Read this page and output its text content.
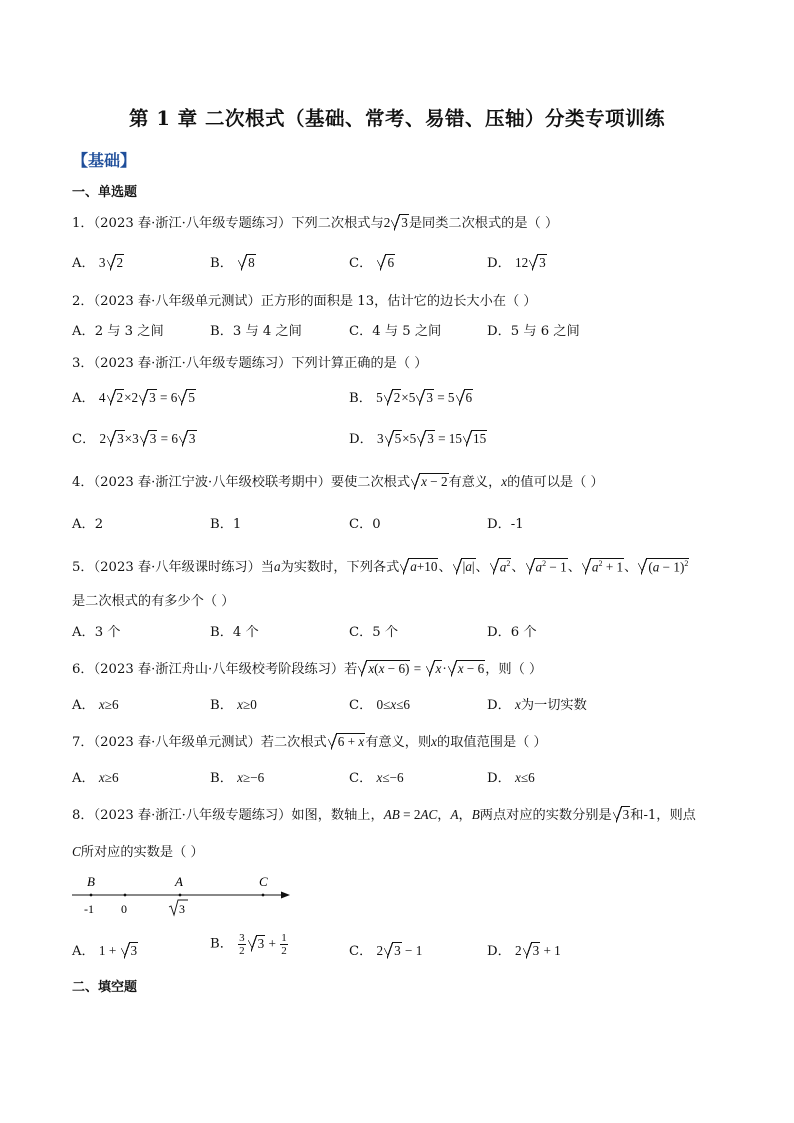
第 1 章 二次根式（基础、常考、易错、压轴）分类专项训练
【基础】
一、单选题
1．（2023 春·浙江·八年级专题练习）下列二次根式与2 3是同类二次根式的是（ ）
A． 3 2	B． 8	C． 6	D． 12 3
2．（2023 春·八年级单元测试）正方形的面积是 13，估计它的边长大小在（ ）
A．2 与 3 之间	B．3 与 4 之间	C．4 与 5 之间	D．5 与 6 之间
3．（2023 春·浙江·八年级专题练习）下列计算正确的是（ ）
A． 4 2×2 3 = 6 5	B． 5 2×5 3 = 5 6
C． 2 3×3 3 = 6 3	D． 3 5×5 3 = 15 15
4．（2023 春·浙江宁波·八年级校联考期中）要使二次根式 x − 2有意义，x的值可以是（ ）
A．2	B．1	C．0	D．-1
5．（2023 春·八年级课时练习）当a为实数时，下列各式 a+10、 |a|、 $a^2$、 $a^2 - 1$、 $a^2 + 1$、 $(a - 1)^2$
是二次根式的有多少个（ ）
A．3 个	B．4 个	C．5 个	D．6 个
6．（2023 春·浙江舟山·八年级校考阶段练习）若 x(x − 6) = x· x − 6，则（ ）
A． x≥6	B． x≥0	C． 0≤x≤6	D． x为一切实数
7．（2023 春·八年级单元测试）若二次根式 6 + x有意义，则x的取值范围是（ ）
A． x≥6	B． x≥−6	C． x≤−6	D． x≤6
8．（2023 春·浙江·八年级专题练习）如图，数轴上，AB = 2AC，A，B两点对应的实数分别是 3和-1，则点
C所对应的实数是（ ）
B	A	C
-1 0	3
A． 1 + 3	B． $\frac{3}{2} 3 + \frac{1}{2}$	C． 2 3 − 1	D． 2 3 + 1
二、填空题
